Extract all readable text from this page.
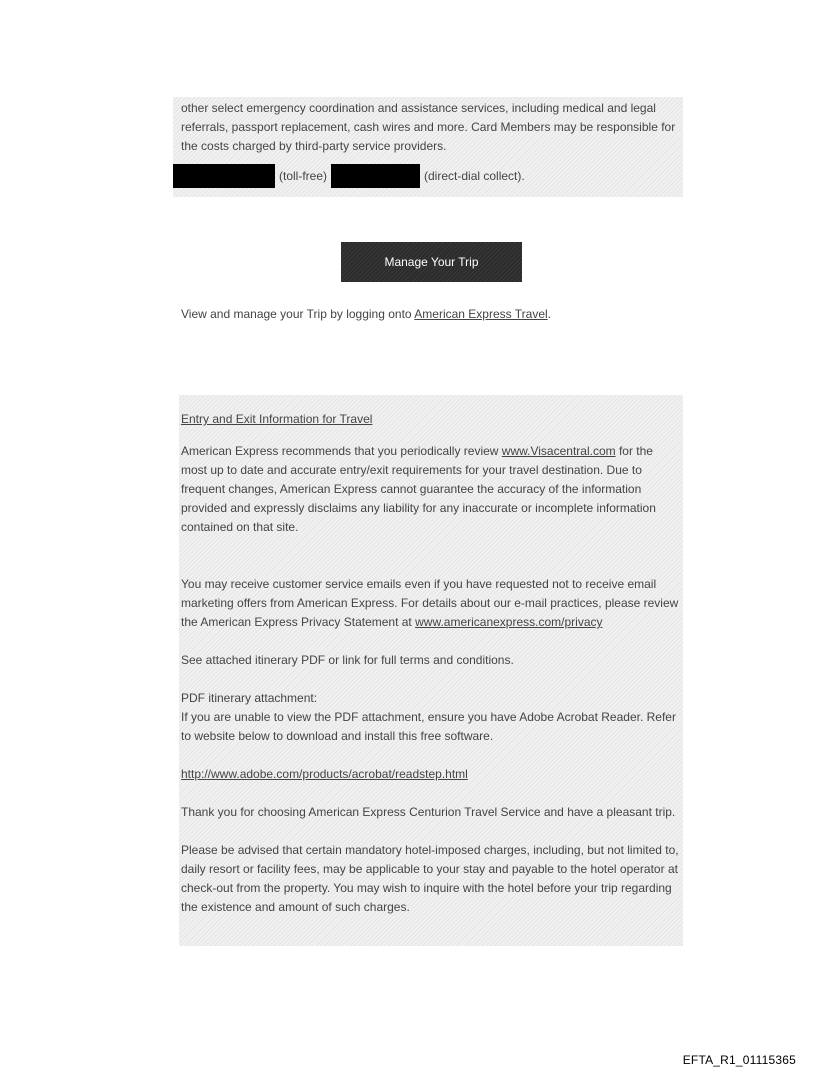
other select emergency coordination and assistance services, including medical and legal referrals, passport replacement, cash wires and more. Card Members may be responsible for the costs charged by third-party service providers.
(toll-free)	(direct-dial collect).
Manage Your Trip
View and manage your Trip by logging onto American Express Travel.

Entry and Exit Information for Travel

American Express recommends that you periodically review www.Visacentral.com for the most up to date and accurate entry/exit requirements for your travel destination. Due to frequent changes, American Express cannot guarantee the accuracy of the information provided and expressly disclaims any liability for any inaccurate or incomplete information contained on that site.

You may receive customer service emails even if you have requested not to receive email marketing offers from American Express. For details about our e-mail practices, please review the American Express Privacy Statement at www.americanexpress.com/privacy

See attached itinerary PDF or link for full terms and conditions.

PDF itinerary attachment:
If you are unable to view the PDF attachment, ensure you have Adobe Acrobat Reader. Refer to website below to download and install this free software.

http://www.adobe.com/products/acrobat/readstep.html

Thank you for choosing American Express Centurion Travel Service and have a pleasant trip.

Please be advised that certain mandatory hotel-imposed charges, including, but not limited to, daily resort or facility fees, may be applicable to your stay and payable to the hotel operator at check-out from the property. You may wish to inquire with the hotel before your trip regarding the existence and amount of such charges.

EFTA_R1_01115365
